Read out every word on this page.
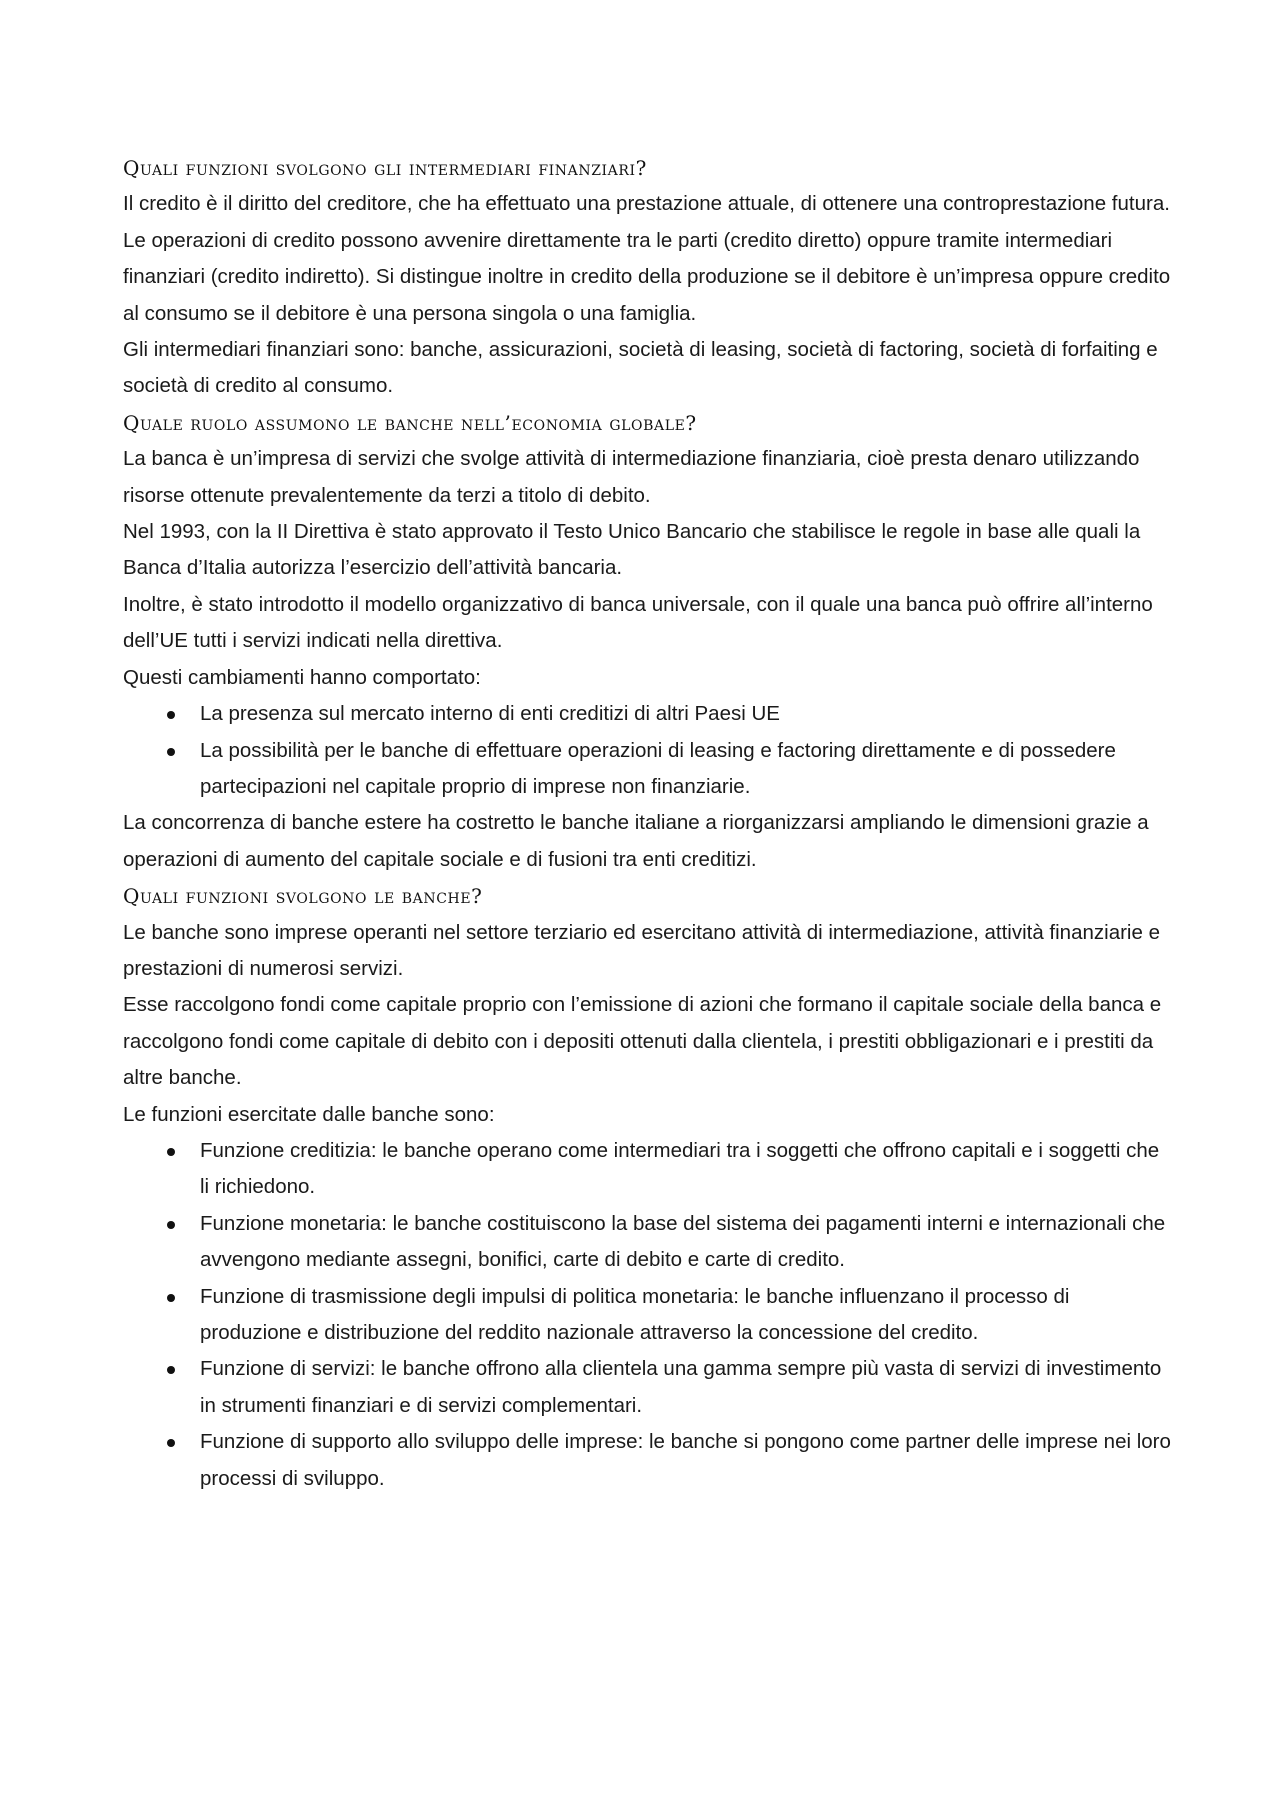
Quali funzioni svolgono gli intermediari finanziari?

Il credito è il diritto del creditore, che ha effettuato una prestazione attuale, di ottenere una controprestazione futura.

Le operazioni di credito possono avvenire direttamente tra le parti (credito diretto) oppure tramite intermediari finanziari (credito indiretto). Si distingue inoltre in credito della produzione se il debitore è un’impresa oppure credito al consumo se il debitore è una persona singola o una famiglia.

Gli intermediari finanziari sono: banche, assicurazioni, società di leasing, società di factoring, società di forfaiting e società di credito al consumo.

Quale ruolo assumono le banche nell’economia globale?

La banca è un’impresa di servizi che svolge attività di intermediazione finanziaria, cioè presta denaro utilizzando risorse ottenute prevalentemente da terzi a titolo di debito.

Nel 1993, con la II Direttiva è stato approvato il Testo Unico Bancario che stabilisce le regole in base alle quali la Banca d’Italia autorizza l’esercizio dell’attività bancaria.

Inoltre, è stato introdotto il modello organizzativo di banca universale, con il quale una banca può offrire all’interno dell’UE tutti i servizi indicati nella direttiva.

Questi cambiamenti hanno comportato:

La presenza sul mercato interno di enti creditizi di altri Paesi UE
La possibilità per le banche di effettuare operazioni di leasing e factoring direttamente e di possedere partecipazioni nel capitale proprio di imprese non finanziarie.

La concorrenza di banche estere ha costretto le banche italiane a riorganizzarsi ampliando le dimensioni grazie a operazioni di aumento del capitale sociale e di fusioni tra enti creditizi.

Quali funzioni svolgono le banche?

Le banche sono imprese operanti nel settore terziario ed esercitano attività di intermediazione, attività finanziarie e prestazioni di numerosi servizi.

Esse raccolgono fondi come capitale proprio con l’emissione di azioni che formano il capitale sociale della banca e raccolgono fondi come capitale di debito con i depositi ottenuti dalla clientela, i prestiti obbligazionari e i prestiti da altre banche.

Le funzioni esercitate dalle banche sono:

Funzione creditizia: le banche operano come intermediari tra i soggetti che offrono capitali e i soggetti che li richiedono.
Funzione monetaria: le banche costituiscono la base del sistema dei pagamenti interni e internazionali che avvengono mediante assegni, bonifici, carte di debito e carte di credito.
Funzione di trasmissione degli impulsi di politica monetaria: le banche influenzano il processo di produzione e distribuzione del reddito nazionale attraverso la concessione del credito.
Funzione di servizi: le banche offrono alla clientela una gamma sempre più vasta di servizi di investimento in strumenti finanziari e di servizi complementari.
Funzione di supporto allo sviluppo delle imprese: le banche si pongono come partner delle imprese nei loro processi di sviluppo.
